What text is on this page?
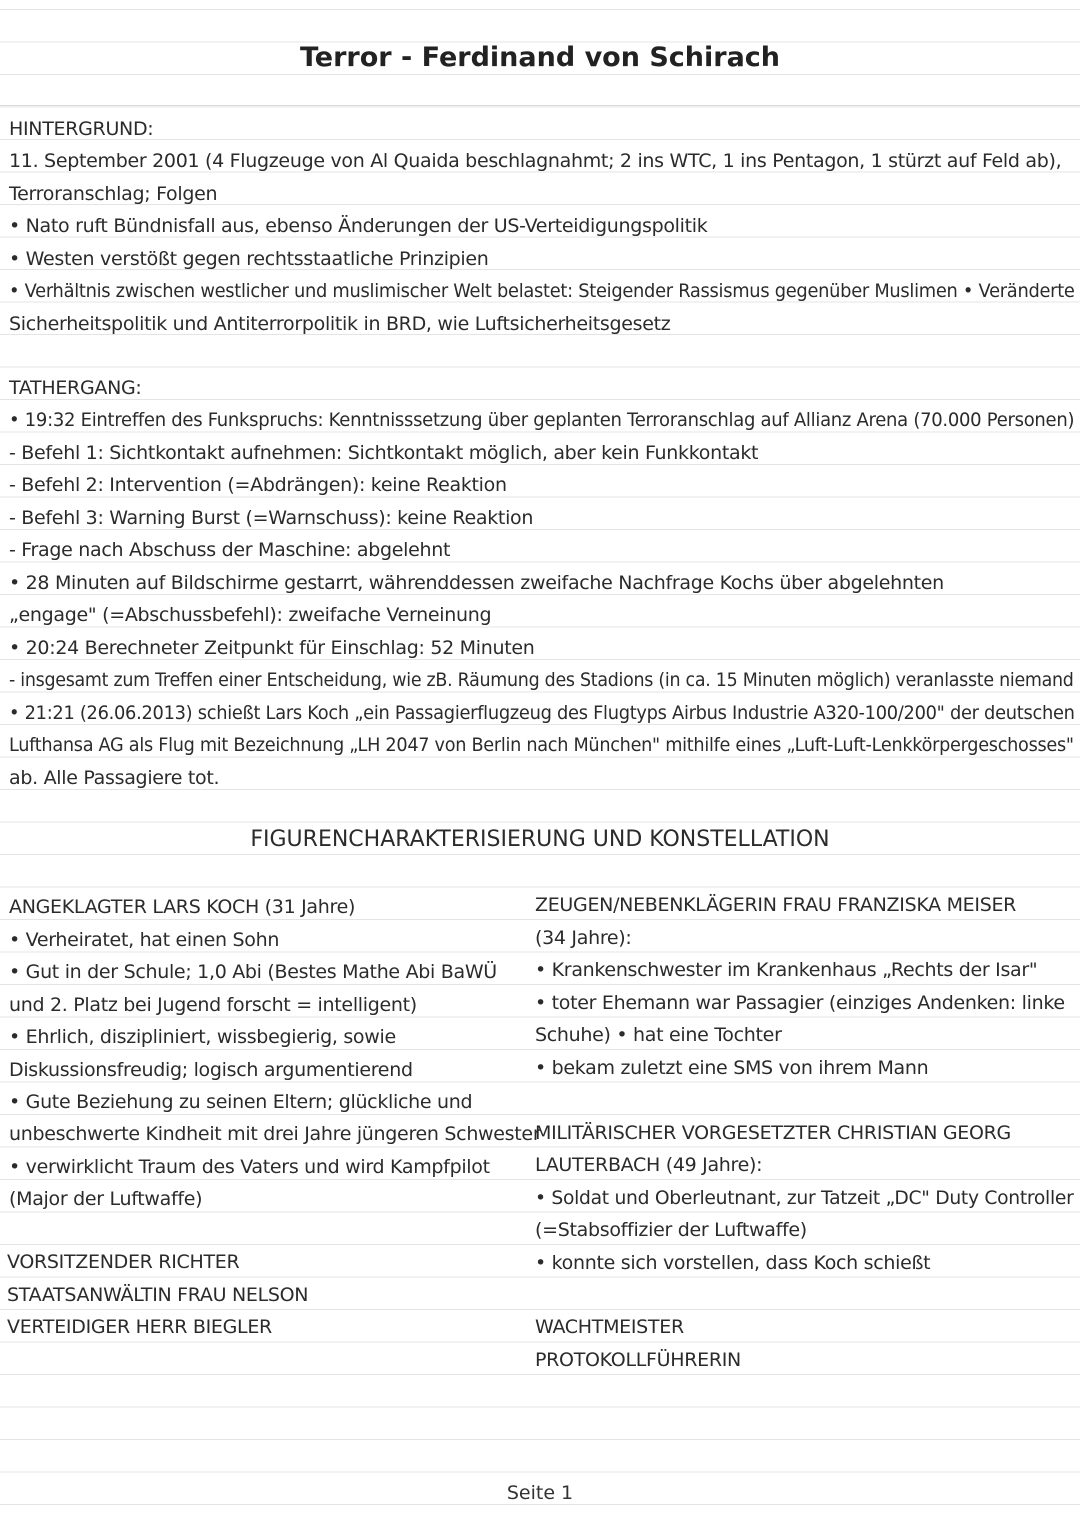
Terror - Ferdinand von Schirach
HINTERGRUND:
11. September 2001 (4 Flugzeuge von Al Quaida beschlagnahmt; 2 ins WTC, 1 ins Pentagon, 1 stürzt auf Feld ab),
Terroranschlag; Folgen
• Nato ruft Bündnisfall aus, ebenso Änderungen der US-Verteidigungspolitik
• Westen verstößt gegen rechtsstaatliche Prinzipien
• Verhältnis zwischen westlicher und muslimischer Welt belastet: Steigender Rassismus gegenüber Muslimen • Veränderte
Sicherheitspolitik und Antiterrorpolitik in BRD, wie Luftsicherheitsgesetz
TATHERGANG:
• 19:32 Eintreffen des Funkspruchs: Kenntnisssetzung über geplanten Terroranschlag auf Allianz Arena (70.000 Personen)
- Befehl 1: Sichtkontakt aufnehmen: Sichtkontakt möglich, aber kein Funkkontakt
- Befehl 2: Intervention (=Abdrängen): keine Reaktion
- Befehl 3: Warning Burst (=Warnschuss): keine Reaktion
- Frage nach Abschuss der Maschine: abgelehnt
• 28 Minuten auf Bildschirme gestarrt, währenddessen zweifache Nachfrage Kochs über abgelehnten
„engage" (=Abschussbefehl): zweifache Verneinung
• 20:24 Berechneter Zeitpunkt für Einschlag: 52 Minuten
- insgesamt zum Treffen einer Entscheidung, wie zB. Räumung des Stadions (in ca. 15 Minuten möglich) veranlasste niemand
• 21:21 (26.06.2013) schießt Lars Koch „ein Passagierflugzeug des Flugtyps Airbus Industrie A320-100/200" der deutschen
Lufthansa AG als Flug mit Bezeichnung „LH 2047 von Berlin nach München" mithilfe eines „Luft-Luft-Lenkkörpergeschosses"
ab. Alle Passagiere tot.
FIGURENCHARAKTERISIERUNG UND KONSTELLATION
ANGEKLAGTER LARS KOCH (31 Jahre)
• Verheiratet, hat einen Sohn
• Gut in der Schule; 1,0 Abi (Bestes Mathe Abi BaWÜ
und 2. Platz bei Jugend forscht = intelligent)
• Ehrlich, diszipliniert, wissbegierig, sowie
Diskussionsfreudig; logisch argumentierend
• Gute Beziehung zu seinen Eltern; glückliche und
unbeschwerte Kindheit mit drei Jahre jüngeren Schwester
• verwirklicht Traum des Vaters und wird Kampfpilot
(Major der Luftwaffe)
VORSITZENDER RICHTER
STAATSANWÄLTIN FRAU NELSON
VERTEIDIGER HERR BIEGLER
ZEUGEN/NEBENKLÄGERIN FRAU FRANZISKA MEISER
(34 Jahre):
• Krankenschwester im Krankenhaus „Rechts der Isar"
• toter Ehemann war Passagier (einziges Andenken: linke
Schuhe) • hat eine Tochter
• bekam zuletzt eine SMS von ihrem Mann
MILITÄRISCHER VORGESETZTER CHRISTIAN GEORG
LAUTERBACH (49 Jahre):
• Soldat und Oberleutnant, zur Tatzeit „DC" Duty Controller
(=Stabsoffizier der Luftwaffe)
• konnte sich vorstellen, dass Koch schießt
WACHTMEISTER
PROTOKOLLFÜHRERIN
Seite 1
